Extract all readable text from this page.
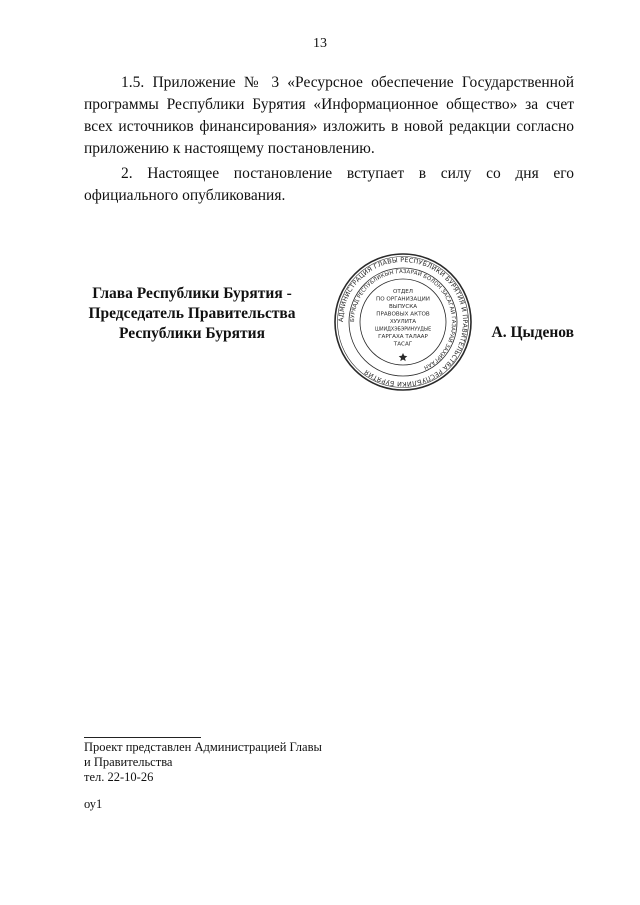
13

1.5. Приложение № 3 «Ресурсное обеспечение Государственной программы Республики Бурятия «Информационное общество» за счет всех источников финансирования» изложить в новой редакции согласно приложению к настоящему постановлению.

2. Настоящее постановление вступает в силу со дня его официального опубликования.

Глава Республики Бурятия -
Председатель Правительства
Республики Бурятия
АДМИНИСТРАЦИЯ ГЛАВЫ РЕСПУБЛИКИ БУРЯТИЯ И ПРАВИТЕЛЬСТВА РЕСПУБЛИКИ БУРЯТИЯ
БУРЯАД РЕСПУБЛИКЫН ГАЗАРАЙ БОЛОН ЗАСАГАЙ ГАЗАРАЙ ЗАХИРГААН
ОТДЕЛ
ПО ОРГАНИЗАЦИИ
ВЫПУСКА
ПРАВОВЫХ АКТОВ
ХУУЛИТА
ШИИДХЭБЭРИНУУДЫЕ
ГАРГАХА ТАЛААР
ТАСАГ
А. Цыденов
Проект представлен Администрацией Главы
и Правительства
тел. 22-10-26
оу1
